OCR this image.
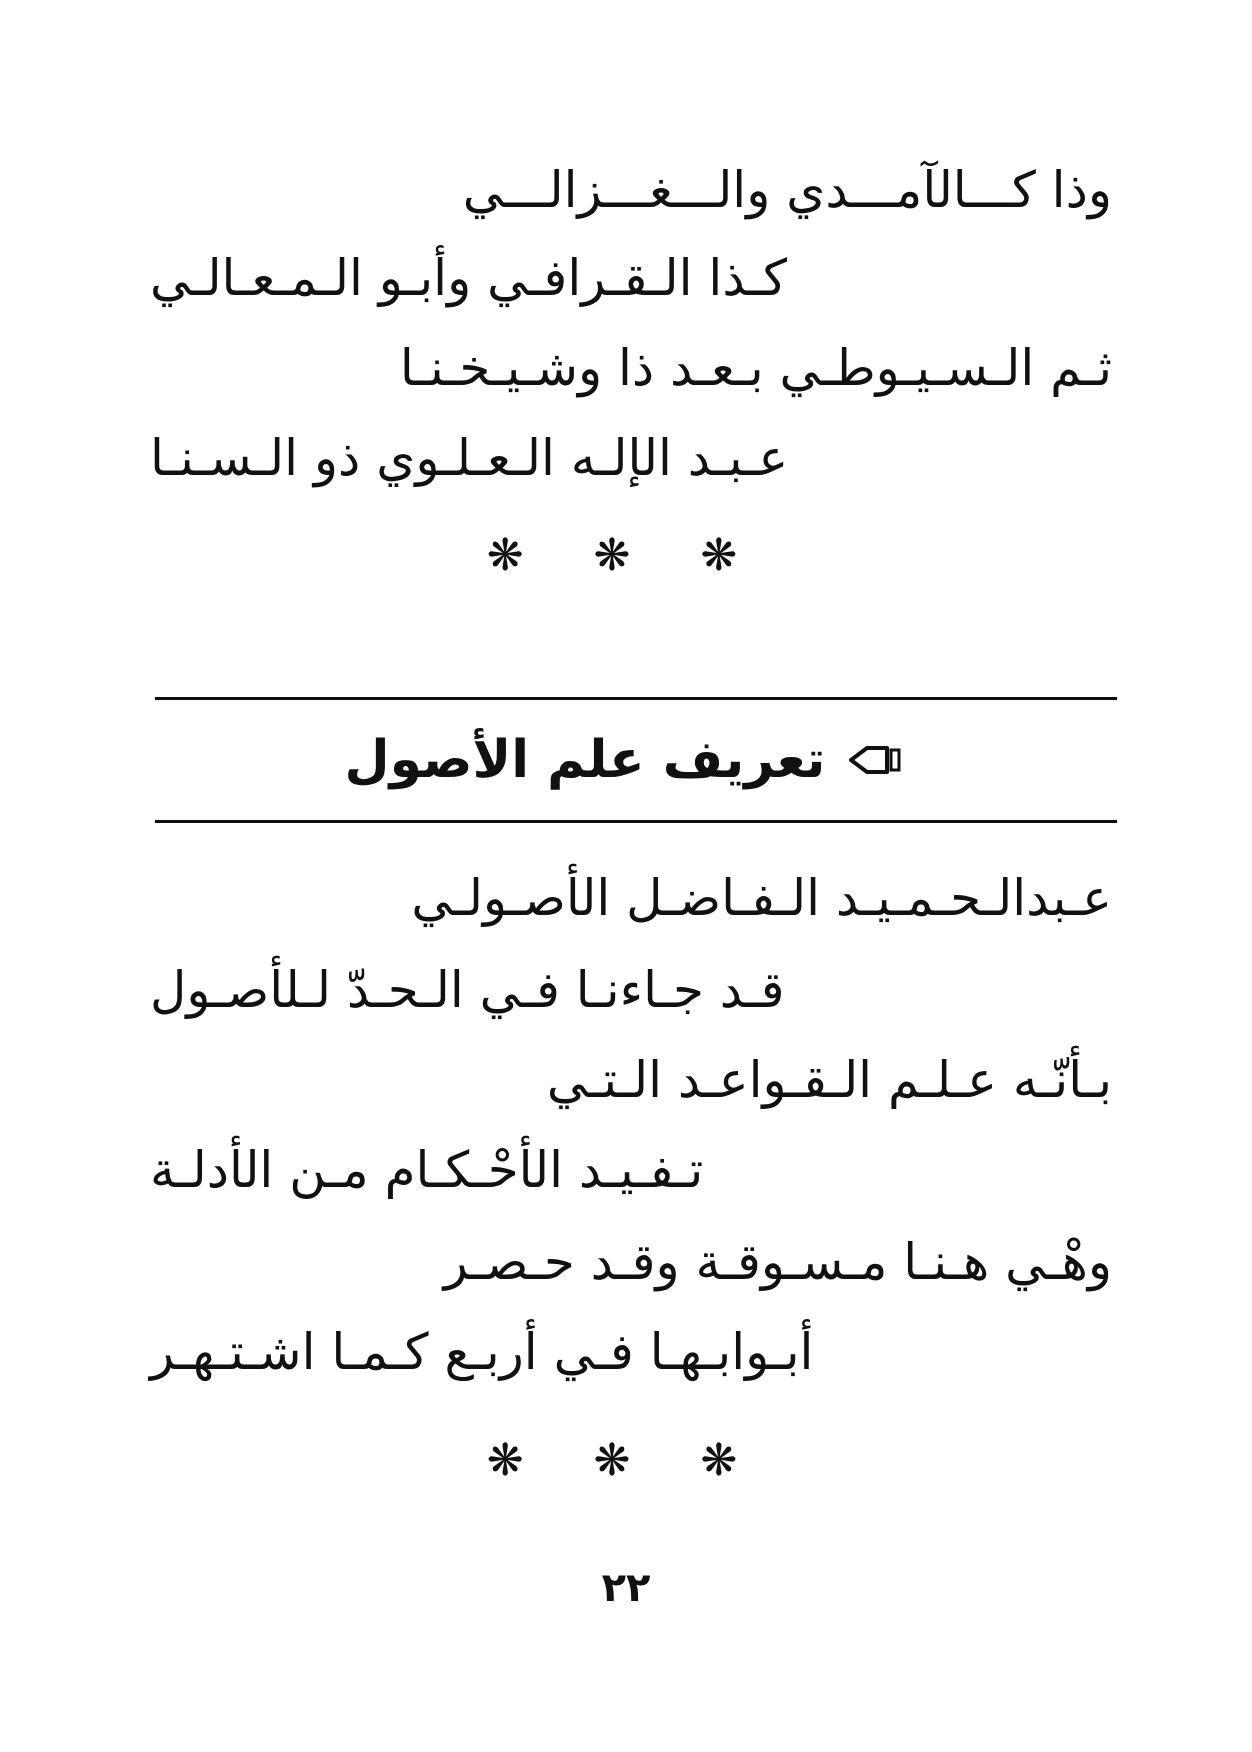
وذا كـــالآمـــدي والـــغـــزالـــي
كـذا الـقـرافـي وأبـو الـمـعـالـي
ثـم الـسـيـوطـي بـعـد ذا وشـيـخـنـا
عـبـد الإلـه الـعـلـوي ذو الـسـنـا
❋ ❋ ❋
تعريف علم الأصول
عـبدالـحـمـيـد الـفـاضـل الأصـولـي
قـد جـاءنـا فـي الـحـدّ لـلأصـول
بـأنّـه عـلـم الـقـواعـد الـتـي
تـفـيـد الأحْـكـام مـن الأدلـة
وهْـي هـنـا مـسـوقـة وقـد حـصـر
أبـوابـهـا فـي أربـع كـمـا اشـتـهـر
❋ ❋ ❋
٢٢
